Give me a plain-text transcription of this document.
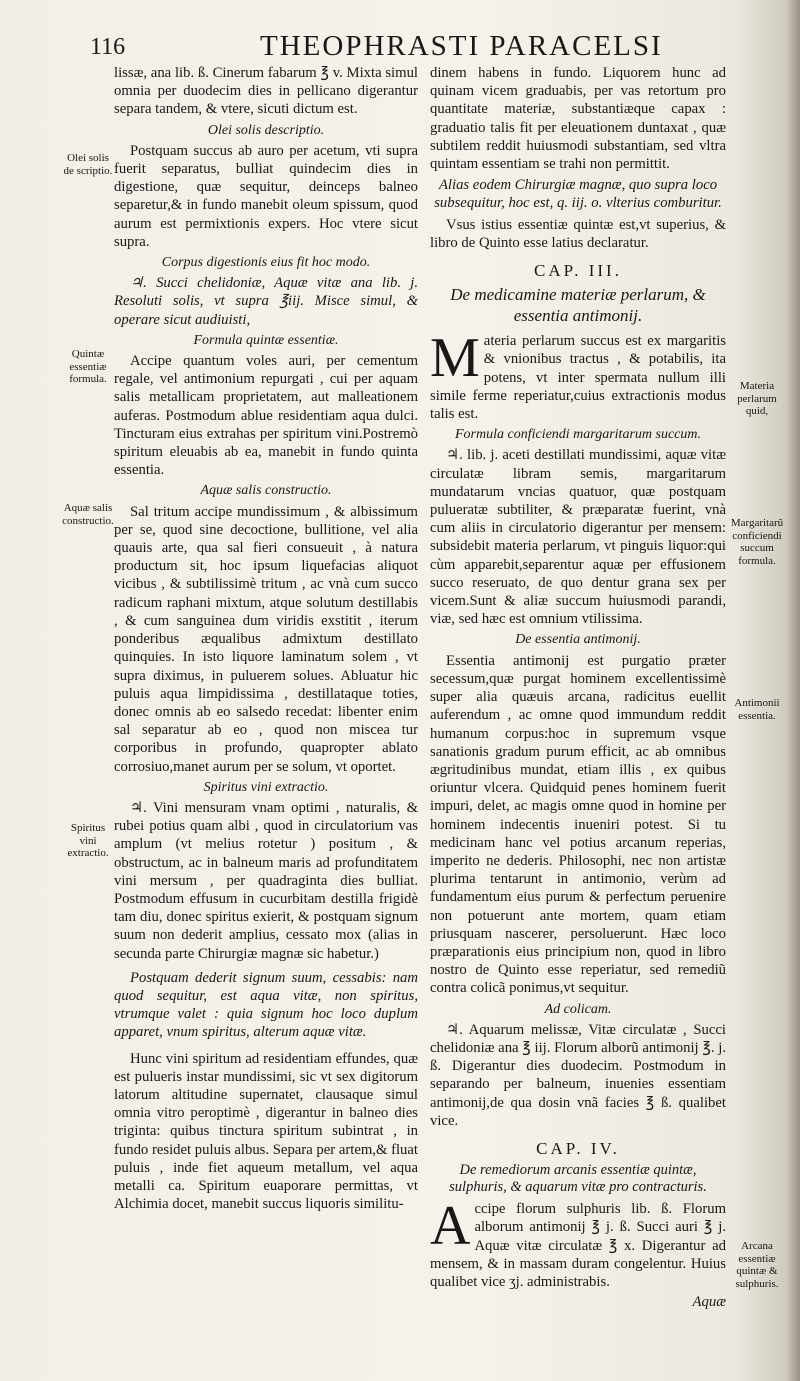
116	THEOPHRASTI PARACELSI
Olei solis de scriptio.
Quintæ essentiæ formula.
Aquæ salis constructio.
Spiritus vini extractio.
Materia perlarum quid,
Margaritarũ conficiendi succum formula.
Antimonii essentia.
Arcana essentiæ quintæ & sulphuris.

lissæ, ana lib. ß. Cinerum fabarum ℥ v. Mixta simul omnia per duodecim dies in pellicano digerantur separa tandem, & vtere, sicuti dictum est.

Olei solis descriptio.

Postquam succus ab auro per acetum, vti supra fuerit separatus, bulliat quindecim dies in digestione, quæ sequitur, deinceps balneo separetur,& in fundo manebit oleum spissum, quod aurum est permixtionis expers. Hoc vtere sicut supra.

Corpus digestionis eius fit hoc modo.

♃. Succi chelidoniæ, Aquæ vitæ ana lib. j. Resoluti solis, vt supra ℥iij. Misce simul, & operare sicut audiuisti,

Formula quintæ essentiæ.

Accipe quantum voles auri, per cementum regale, vel antimonium repurgati , cui per aquam salis metallicam proprietatem, aut malleationem auferas. Postmodum ablue residentiam aqua dulci. Tincturam eius extrahas per spiritum vini.Postremò spiritum eleuabis ab ea, manebit in fundo quinta essentia.

Aquæ salis constructio.

Sal tritum accipe mundissimum , & albissimum per se, quod sine decoctione, bullitione, vel alia quauis arte, qua sal fieri consueuit , à natura productum sit, hoc ipsum liquefacias aliquot vicibus , & subtilissimè tritum , ac vnà cum succo radicum raphani mixtum, atque solutum destillabis , & cum sanguinea dum viridis exstitit , iterum ponderibus æqualibus admixtum destillato quinquies. In isto liquore laminatum solem , vt supra diximus, in puluerem solues. Abluatur hic puluis aqua limpidissima , destillataque toties, donec omnis ab eo salsedo recedat: libenter enim sal separatur ab eo , quod non miscea tur corporibus in profundo, quapropter ablato corrosiuo,manet aurum per se solum, vt oportet.

Spiritus vini extractio.

♃. Vini mensuram vnam optimi , naturalis, & rubei potius quam albi , quod in circulatorium vas amplum (vt melius rotetur ) positum , & obstructum, ac in balneum maris ad profunditatem vini mersum , per quadraginta dies bulliat. Postmodum effusum in cucurbitam destilla frigidè tam diu, donec spiritus exierit, & postquam signum suum non dederit amplius, cessato mox (alias in secunda parte Chirurgiæ magnæ sic habetur.)

Postquam dederit signum suum, cessabis: nam quod sequitur, est aqua vitæ, non spiritus, vtrumque valet : quia signum hoc loco duplum apparet, vnum spiritus, alterum aquæ vitæ.

Hunc vini spiritum ad residentiam effundes, quæ est pulueris instar mundissimi, sic vt sex digitorum latorum altitudine supernatet, clausaque simul omnia vitro peroptimè , digerantur in balneo dies triginta: quibus tinctura spiritum subintrat , in fundo residet puluis albus. Separa per artem,& fluat puluis , inde fiet aqueum metallum, vel aqua metalli ca. Spiritum euaporare permittas, vt Alchimia docet, manebit succus liquoris similitu-

dinem habens in fundo. Liquorem hunc ad quinam vicem graduabis, per vas retortum pro quantitate materiæ, substantiæque capax : graduatio talis fit per eleuationem duntaxat , quæ subtilem reddit huiusmodi substantiam, sed vltra quintam essentiam se trahi non permittit.

Alias eodem Chirurgiæ magnæ, quo supra loco subsequitur, hoc est, q. iij. o. vlterius comburitur.

Vsus istius essentiæ quintæ est,vt superius, & libro de Quinto esse latius declaratur.

CAP. III.
De medicamine materiæ perlarum, & essentia antimonij.

Materia perlarum succus est ex margaritis & vnionibus tractus , & potabilis, ita potens, vt inter spermata nullum illi simile ferme reperiatur,cuius extractionis modus talis est.

Formula conficiendi margaritarum succum.

♃. lib. j. aceti destillati mundissimi, aquæ vitæ circulatæ libram semis, margaritarum mundatarum vncias quatuor, quæ postquam pulueratæ subtiliter, & præparatæ fuerint, vnà cum aliis in circulatorio digerantur per mensem: subsidebit materia perlarum, vt pinguis liquor:qui cùm apparebit,separentur aquæ per effusionem succo reseruato, de quo dentur grana sex per vicem.Sunt & aliæ succum huiusmodi parandi, viæ, sed hæc est omnium vtilissima.

De essentia antimonij.

Essentia antimonij est purgatio præter secessum,quæ purgat hominem excellentissimè super alia quæuis arcana, radicitus euellit auferendum , ac omne quod immundum reddit humanum corpus:hoc in supremum vsque sanationis gradum purum efficit, ac ab omnibus ægritudinibus mundat, etiam illis , ex quibus oriuntur vlcera. Quidquid penes hominem fuerit impuri, delet, ac magis omne quod in homine per hominem indecentis inueniri potest. Si tu medicinam hanc vel potius arcanum reperias, imperito ne dederis. Philosophi, nec non artistæ plurima tentarunt in antimonio, verùm ad fundamentum eius purum & perfectum peruenire non potuerunt ante mortem, quam etiam priusquam nascerer, persoluerunt. Hæc loco præparationis eius principium non, quod in libro nostro de Quinto esse reperiatur, sed remediũ contra colicã ponimus,vt sequitur.

Ad colicam.

♃. Aquarum melissæ, Vitæ circulatæ , Succi chelidoniæ ana ℥ iij. Florum alborũ antimonij ℥. j. ß. Digerantur dies duodecim. Postmodum in separando per balneum, inuenies essentiam antimonij,de qua dosin vnã facies ℥ ß. qualibet vice.

CAP. IV.
De remediorum arcanis essentiæ quintæ, sulphuris, & aquarum vitæ pro contracturis.

Accipe florum sulphuris lib. ß. Florum alborum antimonij ℥ j. ß. Succi auri ℥ j. Aquæ vitæ circulatæ ℥ x. Digerantur ad mensem, & in massam duram congelentur. Huius qualibet vice ʒj. administrabis.

Aquæ
